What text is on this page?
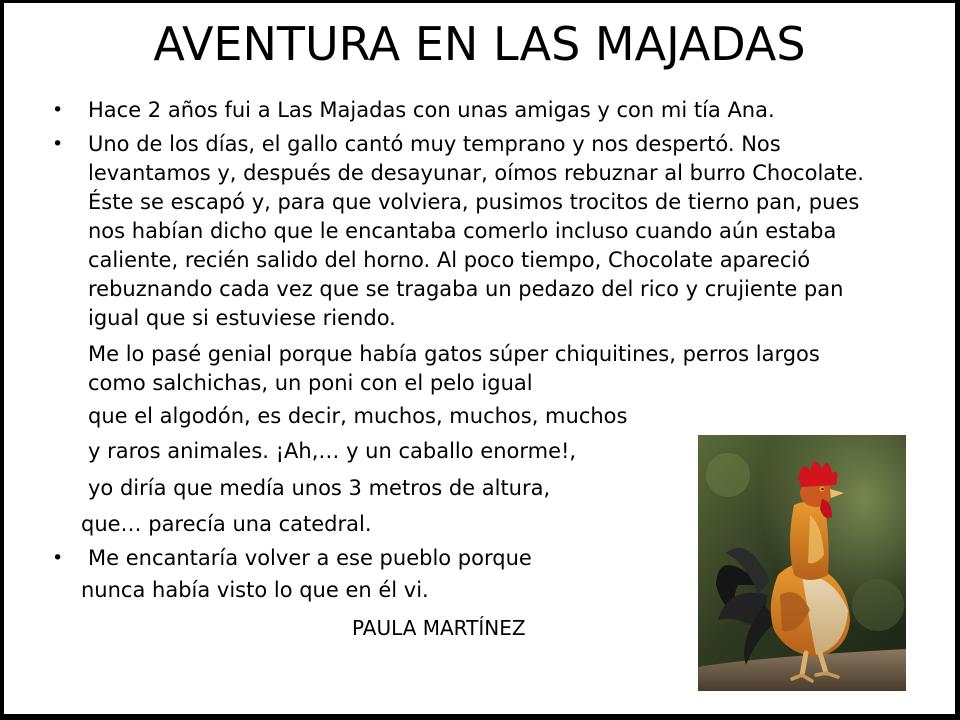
AVENTURA EN LAS MAJADAS
• Hace 2 años fui a Las Majadas con unas amigas y con mi tía Ana.
• Uno de los días, el gallo cantó muy temprano y nos despertó. Nos
levantamos y, después de desayunar, oímos rebuznar al burro Chocolate.
Éste se escapó y, para que volviera, pusimos trocitos de tierno pan, pues
nos habían dicho que le encantaba comerlo incluso cuando aún estaba
caliente, recién salido del horno. Al poco tiempo, Chocolate apareció
rebuznando cada vez que se tragaba un pedazo del rico y crujiente pan
igual que si estuviese riendo.
Me lo pasé genial porque había gatos súper chiquitines, perros largos
como salchichas, un poni con el pelo igual
que el algodón, es decir, muchos, muchos, muchos
y raros animales. ¡Ah,… y un caballo enorme!,
yo diría que medía unos 3 metros de altura,
que… parecía una catedral.
• Me encantaría volver a ese pueblo porque
nunca había visto lo que en él vi.
PAULA MARTÍNEZ
